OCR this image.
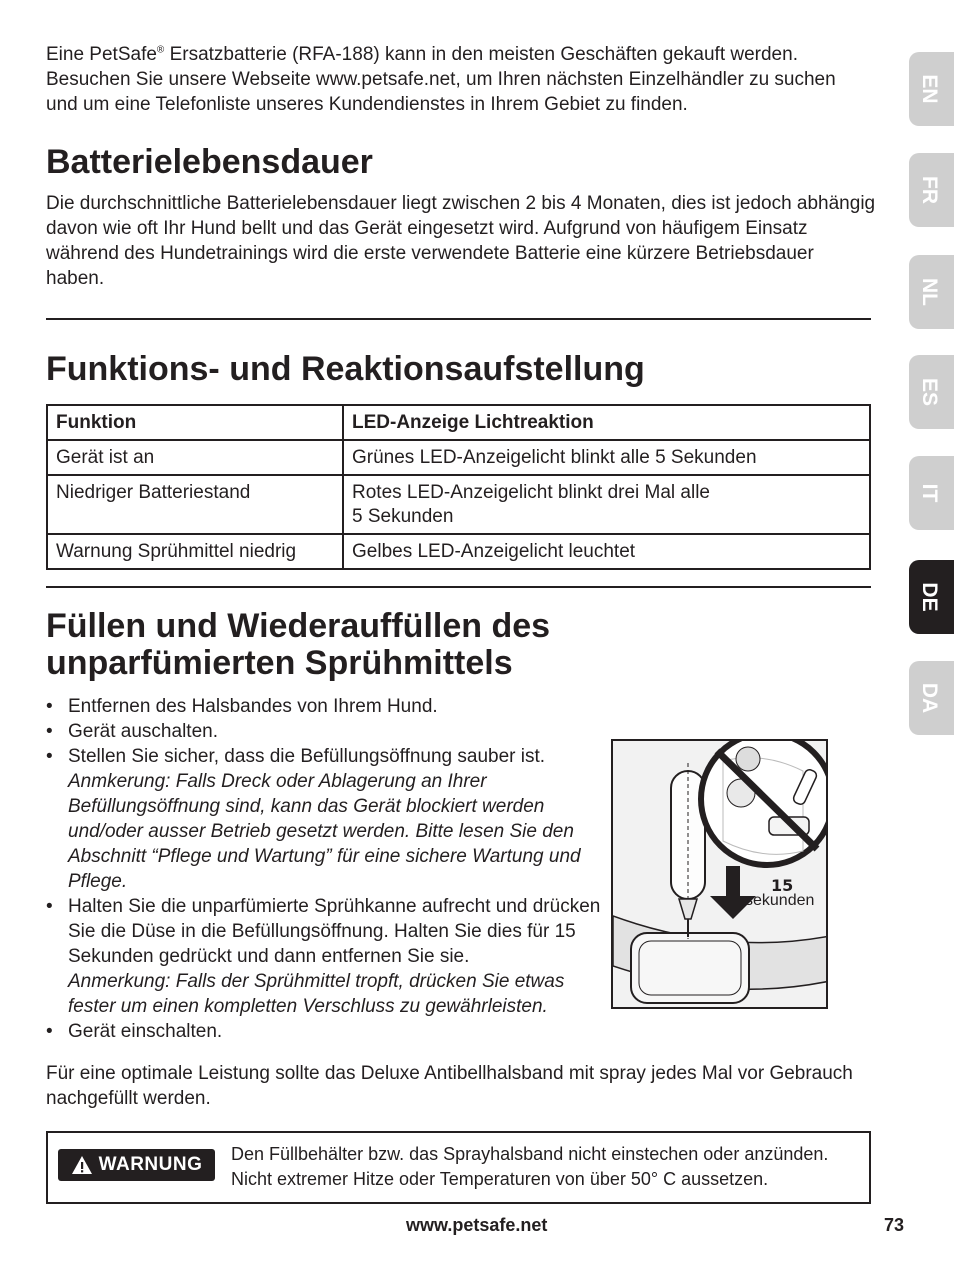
EN
FR
NL
ES
IT
DE
DA

Eine PetSafe® Ersatzbatterie (RFA-188) kann in den meisten Geschäften gekauft werden. Besuchen Sie unsere Webseite www.petsafe.net, um Ihren nächsten Einzelhändler zu suchen und um eine Telefonliste unseres Kundendienstes in Ihrem Gebiet zu finden.

Batterielebensdauer

Die durchschnittliche Batterielebensdauer liegt zwischen 2 bis 4 Monaten, dies ist jedoch abhängig davon wie oft Ihr Hund bellt und das Gerät eingesetzt wird. Aufgrund von häufigem Einsatz während des Hundetrainings wird die erste verwendete Batterie eine kürzere Betriebsdauer haben.

Funktions- und Reaktionsaufstellung
Funktion	LED-Anzeige Lichtreaktion
Gerät ist an	Grünes LED-Anzeigelicht blinkt alle 5 Sekunden
Niedriger Batteriestand	Rotes LED-Anzeigelicht blinkt drei Mal alle
5 Sekunden
Warnung Sprühmittel niedrig	Gelbes LED-Anzeigelicht leuchtet
Füllen und Wiederauffüllen des
unparfümierten Sprühmittels
• Entfernen des Halsbandes von Ihrem Hund.
• Gerät auschalten.
• Stellen Sie sicher, dass die Befüllungsöffnung sauber ist.
Anmkerung: Falls Dreck oder Ablagerung an Ihrer Befüllungsöffnung sind, kann das Gerät blockiert werden und/oder ausser Betrieb gesetzt werden. Bitte lesen Sie den Abschnitt “Pflege und Wartung” für eine sichere Wartung und Pflege.
• Halten Sie die unparfümierte Sprühkanne aufrecht und drücken Sie die Düse in die Befüllungsöffnung. Halten Sie dies für 15 Sekunden gedrückt und dann entfernen Sie sie.
Anmerkung: Falls der Sprühmittel tropft, drücken Sie etwas fester um einen kompletten Verschluss zu gewährleisten.
• Gerät einschalten.
15
sekunden

Für eine optimale Leistung sollte das Deluxe Antibellhalsband mit spray jedes Mal vor Gebrauch nachgefüllt werden.

WARNUNG Den Füllbehälter bzw. das Sprayhalsband nicht einstechen oder anzünden. Nicht extremer Hitze oder Temperaturen von über 50° C aussetzen.

www.petsafe.net	73
